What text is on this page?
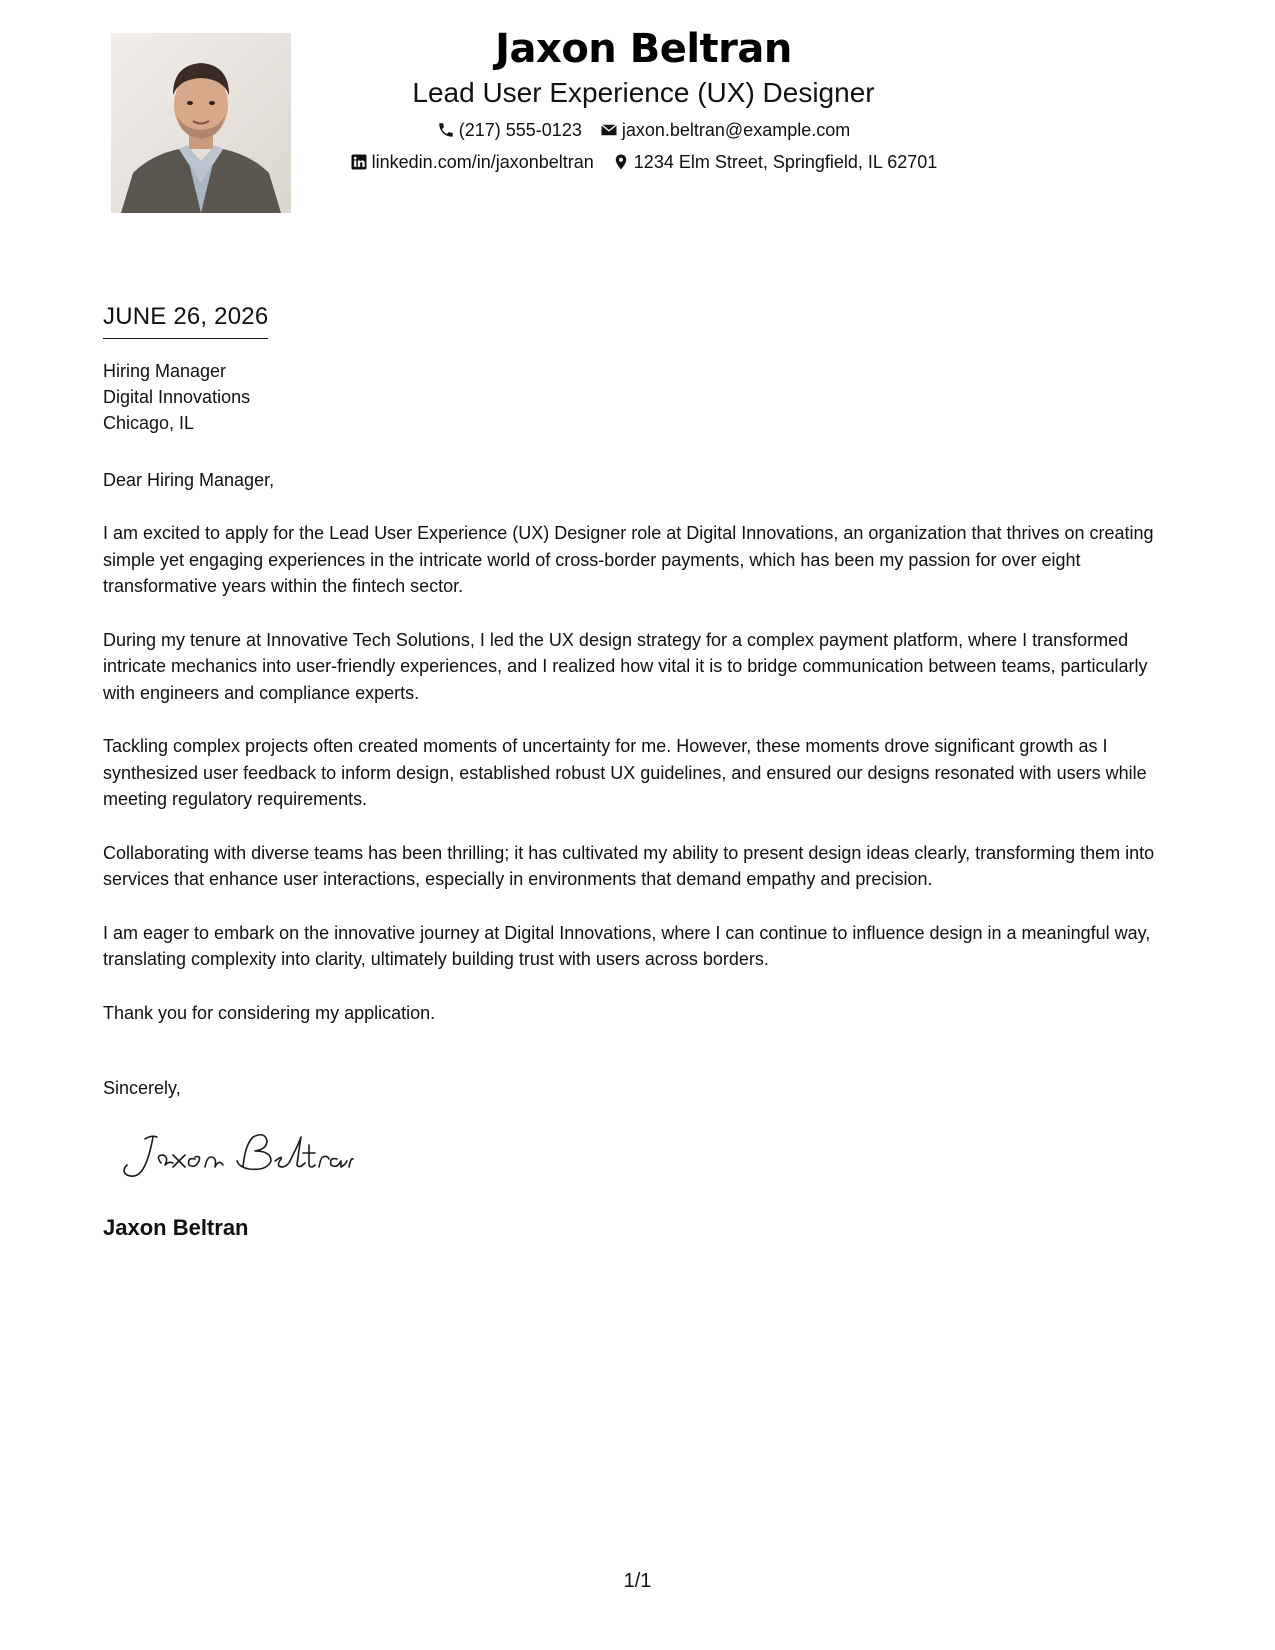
Jaxon Beltran
Lead User Experience (UX) Designer
(217) 555-0123 jaxon.beltran@example.com
linkedin.com/in/jaxonbeltran 1234 Elm Street, Springfield, IL 62701
JUNE 26, 2026
Hiring Manager
Digital Innovations
Chicago, IL
Dear Hiring Manager,

I am excited to apply for the Lead User Experience (UX) Designer role at Digital Innovations, an organization that thrives on creating simple yet engaging experiences in the intricate world of cross-border payments, which has been my passion for over eight transformative years within the fintech sector.

During my tenure at Innovative Tech Solutions, I led the UX design strategy for a complex payment platform, where I transformed intricate mechanics into user-friendly experiences, and I realized how vital it is to bridge communication between teams, particularly with engineers and compliance experts.

Tackling complex projects often created moments of uncertainty for me. However, these moments drove significant growth as I synthesized user feedback to inform design, established robust UX guidelines, and ensured our designs resonated with users while meeting regulatory requirements.

Collaborating with diverse teams has been thrilling; it has cultivated my ability to present design ideas clearly, transforming them into services that enhance user interactions, especially in environments that demand empathy and precision.

I am eager to embark on the innovative journey at Digital Innovations, where I can continue to influence design in a meaningful way, translating complexity into clarity, ultimately building trust with users across borders.

Thank you for considering my application.

Sincerely,
Jaxon Beltran
1/1
